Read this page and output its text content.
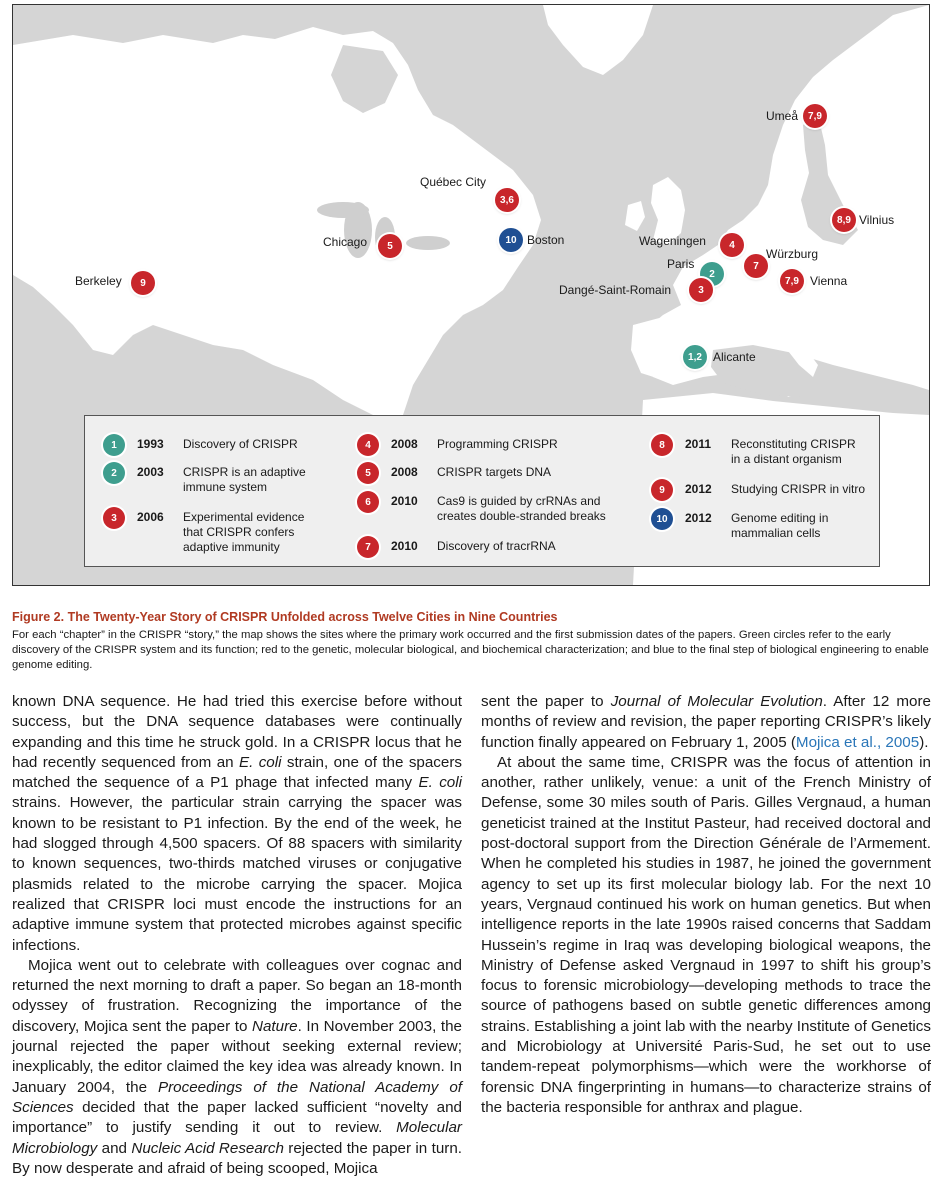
Umeå 7,9
Québec City
3,6
8,9 Vilnius
Chicago 5
10 Boston	Wageningen 4
Würzburg
7
Paris
2
Berkeley 9	Dangé-Saint-Romain	3
7,9 Vienna
1,2 Alicante
1 1993	Discovery of CRISPR
2 2003	CRISPR is an adaptive
immune system
3 2006	Experimental evidence
that CRISPR confers
adaptive immunity
4 2008	Programming CRISPR
5 2008	CRISPR targets DNA
6 2010	Cas9 is guided by crRNAs and
creates double-stranded breaks
7 2010	Discovery of tracrRNA
8 2011	Reconstituting CRISPR
in a distant organism
9 2012	Studying CRISPR in vitro
10 2012	Genome editing in
mammalian cells
Figure 2. The Twenty-Year Story of CRISPR Unfolded across Twelve Cities in Nine Countries
For each “chapter” in the CRISPR “story,” the map shows the sites where the primary work occurred and the first submission dates of the papers. Green circles refer to the early discovery of the CRISPR system and its function; red to the genetic, molecular biological, and biochemical characterization; and blue to the final step of biological engineering to enable genome editing.

known DNA sequence. He had tried this exercise before without success, but the DNA sequence databases were continually expanding and this time he struck gold. In a CRISPR locus that he had recently sequenced from an E. coli strain, one of the spacers matched the sequence of a P1 phage that infected many E. coli strains. However, the particular strain carrying the spacer was known to be resistant to P1 infection. By the end of the week, he had slogged through 4,500 spacers. Of 88 spacers with similarity to known sequences, two-thirds matched viruses or conjugative plasmids related to the microbe carrying the spacer. Mojica realized that CRISPR loci must encode the instructions for an adaptive immune system that protected microbes against specific infections.

Mojica went out to celebrate with colleagues over cognac and returned the next morning to draft a paper. So began an 18-month odyssey of frustration. Recognizing the importance of the discovery, Mojica sent the paper to Nature. In November 2003, the journal rejected the paper without seeking external review; inexplicably, the editor claimed the key idea was already known. In January 2004, the Proceedings of the National Academy of Sciences decided that the paper lacked sufficient “novelty and importance” to justify sending it out to review. Molecular Microbiology and Nucleic Acid Research rejected the paper in turn. By now desperate and afraid of being scooped, Mojica

sent the paper to Journal of Molecular Evolution. After 12 more months of review and revision, the paper reporting CRISPR’s likely function finally appeared on February 1, 2005 (Mojica et al., 2005).

At about the same time, CRISPR was the focus of attention in another, rather unlikely, venue: a unit of the French Ministry of Defense, some 30 miles south of Paris. Gilles Vergnaud, a human geneticist trained at the Institut Pasteur, had received doctoral and post-doctoral support from the Direction Générale de l’Armement. When he completed his studies in 1987, he joined the government agency to set up its first molecular biology lab. For the next 10 years, Vergnaud continued his work on human genetics. But when intelligence reports in the late 1990s raised concerns that Saddam Hussein’s regime in Iraq was developing biological weapons, the Ministry of Defense asked Vergnaud in 1997 to shift his group’s focus to forensic microbiology—developing methods to trace the source of pathogens based on subtle genetic differences among strains. Establishing a joint lab with the nearby Institute of Genetics and Microbiology at Université Paris-Sud, he set out to use tandem-repeat polymorphisms—which were the workhorse of forensic DNA fingerprinting in humans—to characterize strains of the bacteria responsible for anthrax and plague.
